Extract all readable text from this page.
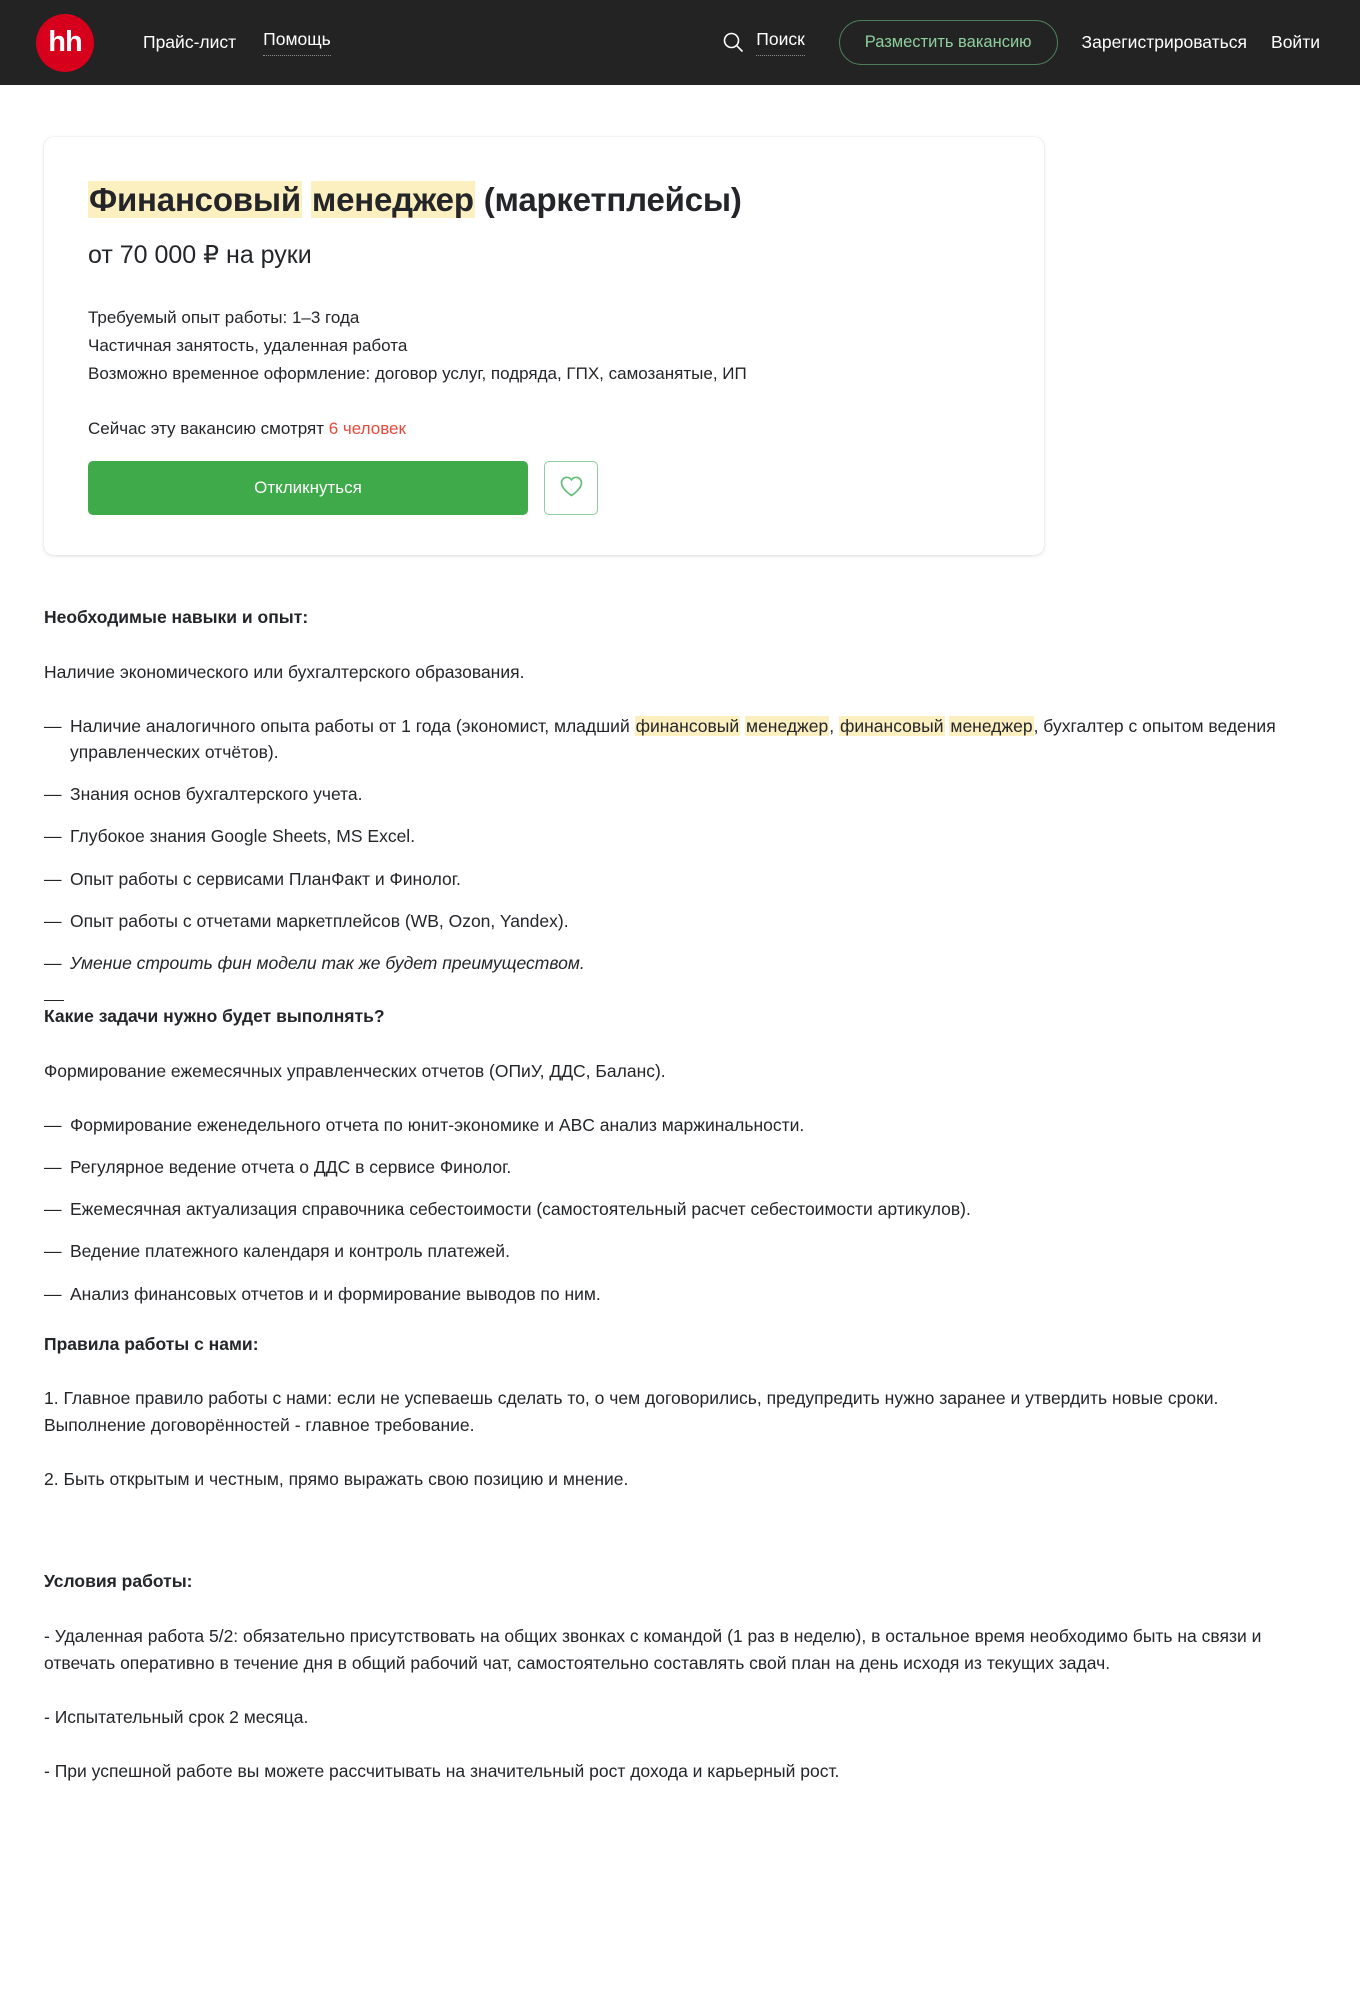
hh	Прайс-лист Помощь	Поиск	Разместить вакансию	Зарегистрироваться Войти
Финансовый менеджер (маркетплейсы)
от 70 000 ₽ на руки
Требуемый опыт работы: 1–3 года
Частичная занятость, удаленная работа
Возможно временное оформление: договор услуг, подряда, ГПХ, самозанятые, ИП
Сейчас эту вакансию смотрят 6 человек
Откликнуться
Необходимые навыки и опыт:

Наличие экономического или бухгалтерского образования.

— Наличие аналогичного опыта работы от 1 года (экономист, младший финансовый менеджер, финансовый менеджер, бухгалтер с опытом ведения управленческих отчётов).
— Знания основ бухгалтерского учета.
— Глубокое знания Google Sheets, MS Excel.
— Опыт работы с сервисами ПланФакт и Финолог.
— Опыт работы с отчетами маркетплейсов (WB, Ozon, Yandex).
— Умение строить фин модели так же будет преимуществом.
Какие задачи нужно будет выполнять?

Формирование ежемесячных управленческих отчетов (ОПиУ, ДДС, Баланс).

— Формирование еженедельного отчета по юнит-экономике и ABC анализ маржинальности.
— Регулярное ведение отчета о ДДС в сервисе Финолог.
— Ежемесячная актуализация справочника себестоимости (самостоятельный расчет себестоимости артикулов).
— Ведение платежного календаря и контроль платежей.
— Анализ финансовых отчетов и и формирование выводов по ним.
Правила работы с нами:

1. Главное правило работы с нами: если не успеваешь сделать то, о чем договорились, предупредить нужно заранее и утвердить новые сроки. Выполнение договорённостей - главное требование.

2. Быть открытым и честным, прямо выражать свою позицию и мнение.

Условия работы:

- Удаленная работа 5/2: обязательно присутствовать на общих звонках с командой (1 раз в неделю), в остальное время необходимо быть на связи и отвечать оперативно в течение дня в общий рабочий чат, самостоятельно составлять свой план на день исходя из текущих задач.

- Испытательный срок 2 месяца.

- При успешной работе вы можете рассчитывать на значительный рост дохода и карьерный рост.
